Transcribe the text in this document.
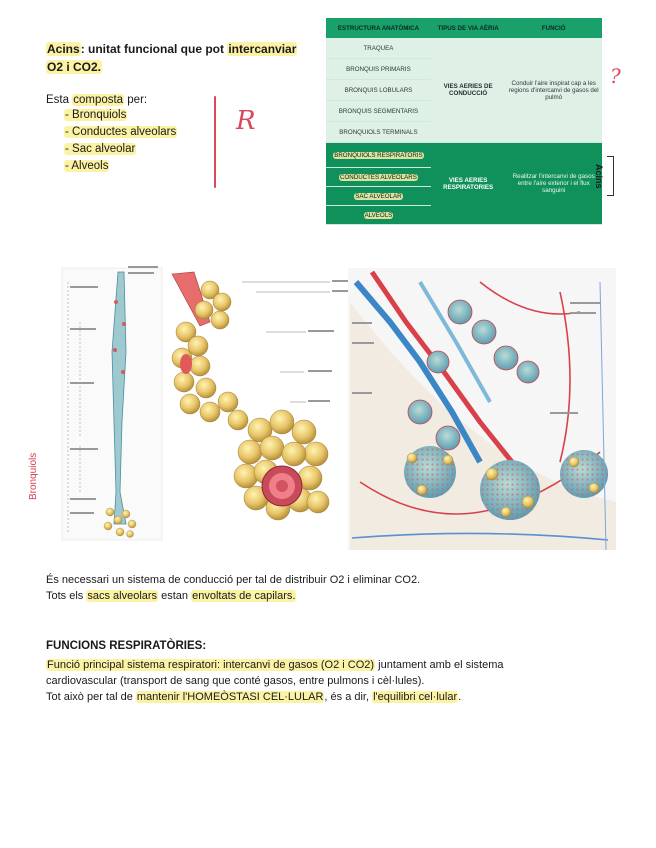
Acins: unitat funcional que pot intercanviar
O2 i CO2.
Esta composta per:
- Bronquiols
- Conductes alveolars
- Sac alveolar
- Alveols
R
ESTRUCTURA ANATÒMICA	TIPUS DE VIA AÈRIA	FUNCIÓ
TRAQUEA	VIES AERIES DE CONDUCCIÓ	Conduir l'aire inspirat cap a les regions d'intercanvi de gasos del pulmó
BRONQUIS PRIMARIS		
BRONQUIS LOBULARS		
BRONQUIS SEGMENTARIS		
BRONQUIOLS TERMINALS		
BRONQUIOLS RESPIRATORIS	VIES AERIES RESPIRATORIES	Realitzar l'intercanvi de gasos entre l'aire exterior i el flux sanguini
CONDUCTES ALVEOLARS		
SAC ALVEOLAR		
ALVEOLS		
?
Acins
Bronquiols
És necessari un sistema de conducció per tal de distribuir O2 i eliminar CO2.
Tots els sacs alveolars estan envoltats de capilars.
FUNCIONS RESPIRATÒRIES:
Funció principal sistema respiratori: intercanvi de gasos (O2 i CO2) juntament amb el sistema
cardiovascular (transport de sang que conté gasos, entre pulmons i cèl·lules).
Tot això per tal de mantenir l'HOMEÒSTASI CEL·LULAR, és a dir, l'equilibri cel·lular.
